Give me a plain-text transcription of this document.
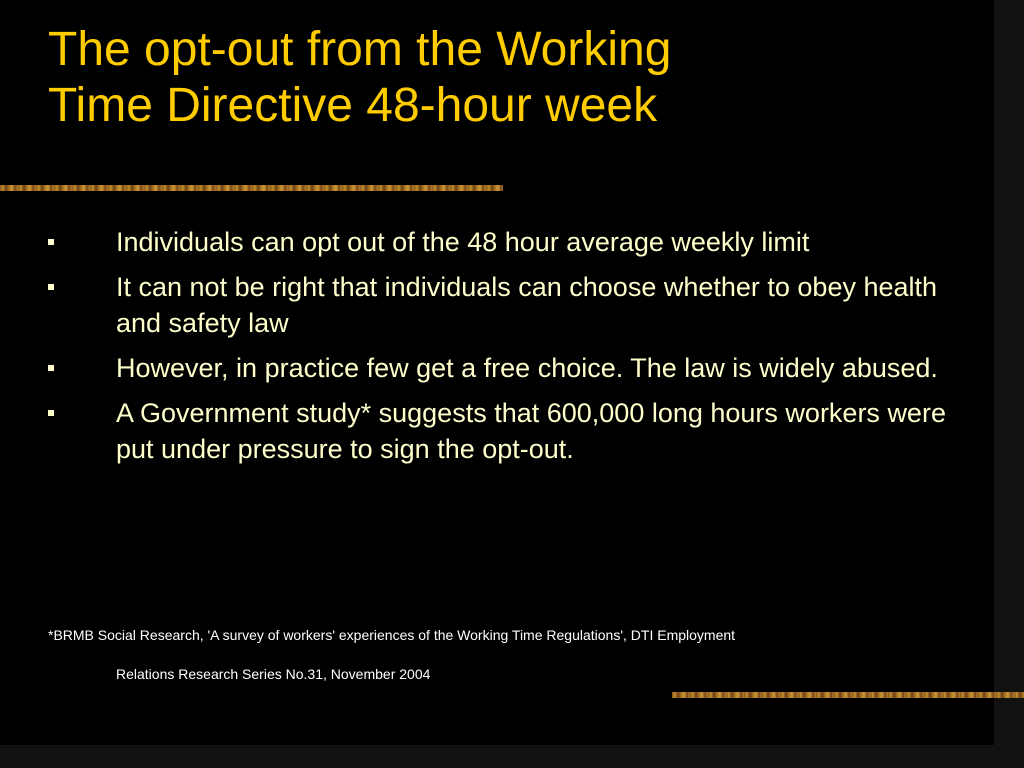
The opt-out from the Working
Time Directive 48-hour week
Individuals can opt out of the 48 hour average weekly limit
It can not be right that individuals can choose whether to obey health and safety law
However, in practice few get a free choice. The law is widely abused.
A Government study* suggests that 600,000 long hours workers were put under pressure to sign the opt-out.
*BRMB Social Research, 'A survey of workers' experiences of the Working Time Regulations', DTI Employment
Relations Research Series No.31, November 2004
